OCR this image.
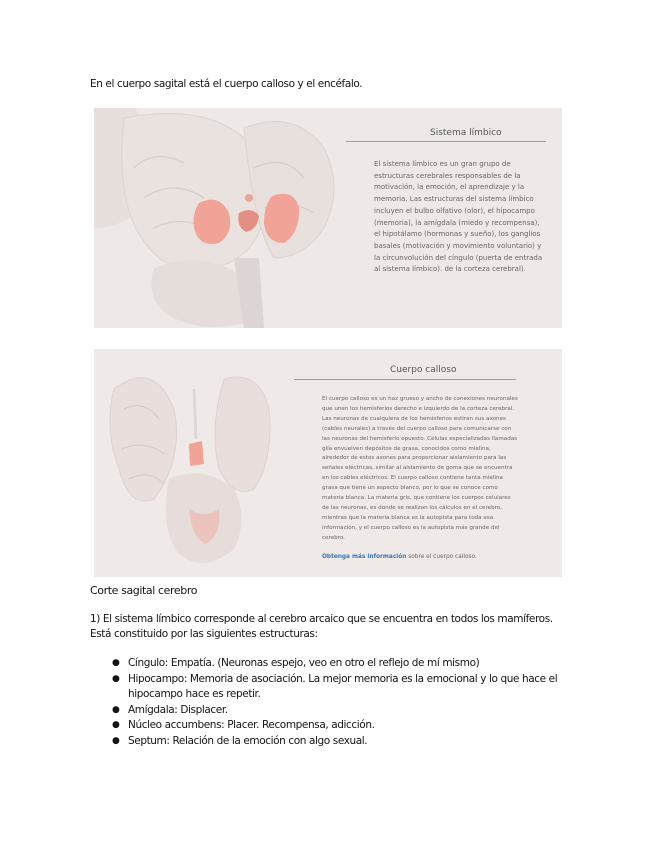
En el cuerpo sagital está el cuerpo calloso y el encéfalo.
Sistema límbico
El sistema límbico es un gran grupo de estructuras cerebrales responsables de la motivación, la emoción, el aprendizaje y la memoria. Las estructuras del sistema límbico incluyen el bulbo olfativo (olor), el hipocampo (memoria), la amígdala (miedo y recompensa), el hipotálamo (hormonas y sueño), los ganglios basales (motivación y movimiento voluntario) y la circunvolución del cíngulo (puerta de entrada al sistema límbico). de la corteza cerebral).
Cuerpo calloso
El cuerpo calloso es un haz grueso y ancho de conexiones neuronales que unen los hemisferios derecho e izquierdo de la corteza cerebral. Las neuronas de cualquiera de los hemisferios estiran sus axones (cables neurales) a través del cuerpo calloso para comunicarse con las neuronas del hemisferio opuesto. Células especializadas llamadas glía envuelven depósitos de grasa, conocidos como mielina, alrededor de estos axones para proporcionar aislamiento para las señales eléctricas, similar al aislamiento de goma que se encuentra en los cables eléctricos. El cuerpo calloso contiene tanta mielina grasa que tiene un aspecto blanco, por lo que se conoce como materia blanca. La materia gris, que contiene los cuerpos celulares de las neuronas, es donde se realizan los cálculos en el cerebro, mientras que la materia blanca es la autopista para toda esa información, y el cuerpo calloso es la autopista más grande del cerebro.
Obtenga más información sobre el cuerpo calloso.
Corte sagital cerebro
1) El sistema límbico corresponde al cerebro arcaico que se encuentra en todos los mamíferos.
Está constituido por las siguientes estructuras:
● Cíngulo: Empatía. (Neuronas espejo, veo en otro el reflejo de mí mismo)
● Hipocampo: Memoria de asociación. La mejor memoria es la emocional y lo que hace el hipocampo hace es repetir.
● Amígdala: Displacer.
● Núcleo accumbens: Placer. Recompensa, adicción.
● Septum: Relación de la emoción con algo sexual.
